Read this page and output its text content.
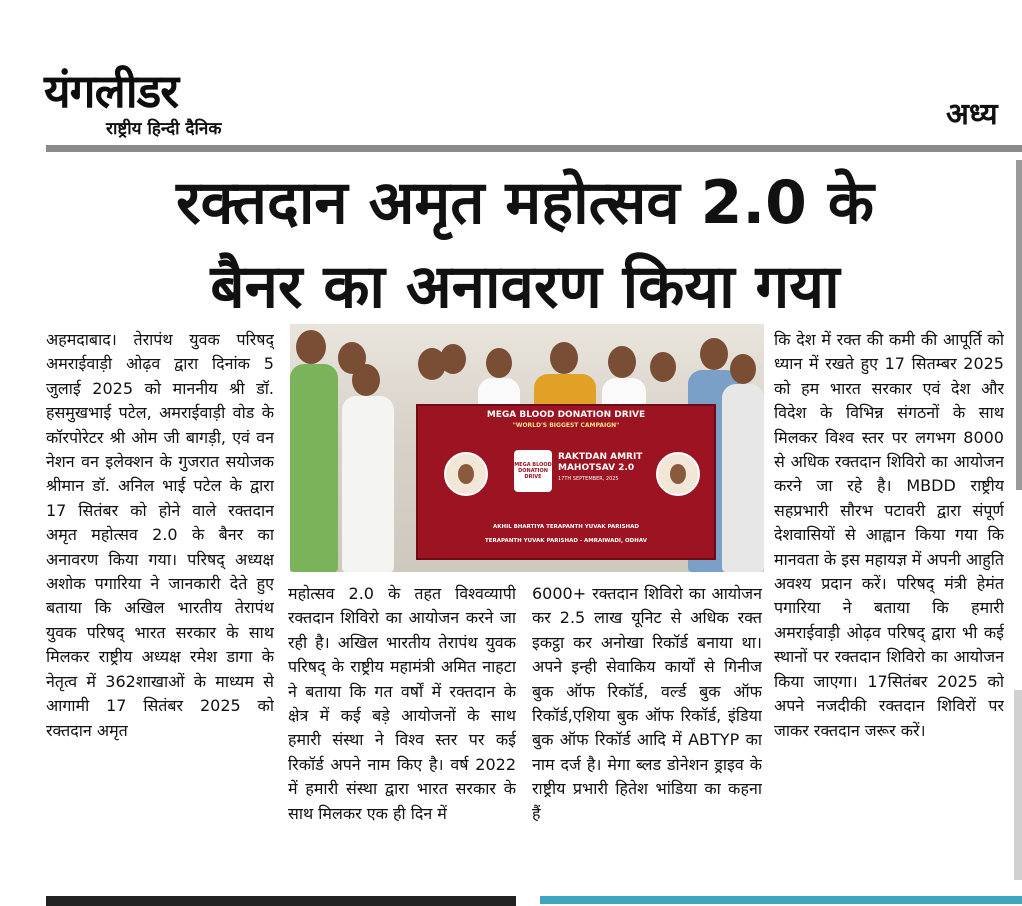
यंगलीडर
राष्ट्रीय हिन्दी दैनिक	अध्य
रक्तदान अमृत महोत्सव 2.0 के
बैनर का अनावरण किया गया
अहमदाबाद। तेरापंथ युवक परिषद् अमराईवाड़ी ओढ़व द्वारा दिनांक 5 जुलाई 2025 को माननीय श्री डॉ. हसमुखभाई पटेल, अमराईवाड़ी वोड के कॉरपोरेटर श्री ओम जी बागड़ी, एवं वन नेशन वन इलेक्शन के गुजरात सयोजक श्रीमान डॉ. अनिल भाई पटेल के द्वारा 17 सितंबर को होने वाले रक्तदान अमृत महोत्सव 2.0 के बैनर का अनावरण किया गया। परिषद् अध्यक्ष अशोक पगारिया ने जानकारी देते हुए बताया कि अखिल भारतीय तेरापंथ युवक परिषद् भारत सरकार के साथ मिलकर राष्ट्रीय अध्यक्ष रमेश डागा के नेतृत्व में 362शाखाओं के माध्यम से आगामी 17 सितंबर 2025 को रक्तदान अमृत
MEGA BLOOD DONATION DRIVE
"WORLD'S BIGGEST CAMPAIGN"
MEGA BLOOD DONATION DRIVE
RAKTDAN AMRIT MAHOTSAV 2.0
17TH SEPTEMBER, 2025
AKHIL BHARTIYA TERAPANTH YUVAK PARISHAD
TERAPANTH YUVAK PARISHAD - AMRAIWADI, ODHAV
महोत्सव 2.0 के तहत विश्वव्यापी रक्तदान शिविरो का आयोजन करने जा रही है। अखिल भारतीय तेरापंथ युवक परिषद् के राष्ट्रीय महामंत्री अमित नाहटा ने बताया कि गत वर्षों में रक्तदान के क्षेत्र में कई बड़े आयोजनों के साथ हमारी संस्था ने विश्व स्तर पर कई रिकॉर्ड अपने नाम किए है। वर्ष 2022 में हमारी संस्था द्वारा भारत सरकार के साथ मिलकर एक ही दिन में
6000+ रक्तदान शिविरो का आयोजन कर 2.5 लाख यूनिट से अधिक रक्त इकट्ठा कर अनोखा रिकॉर्ड बनाया था। अपने इन्ही सेवाकिय कार्यों से गिनीज बुक ऑफ रिकॉर्ड, वर्ल्ड बुक ऑफ रिकॉर्ड,एशिया बुक ऑफ रिकॉर्ड, इंडिया बुक ऑफ रिकॉर्ड आदि में ABTYP का नाम दर्ज है। मेगा ब्लड डोनेशन ड्राइव के राष्ट्रीय प्रभारी हितेश भांडिया का कहना हैं
कि देश में रक्त की कमी की आपूर्ति को ध्यान में रखते हुए 17 सितम्बर 2025 को हम भारत सरकार एवं देश और विदेश के विभिन्न संगठनों के साथ मिलकर विश्व स्तर पर लगभग 8000 से अधिक रक्तदान शिविरो का आयोजन करने जा रहे है। MBDD राष्ट्रीय सहप्रभारी सौरभ पटावरी द्वारा संपूर्ण देशवासियों से आह्वान किया गया कि मानवता के इस महायज्ञ में अपनी आहुति अवश्य प्रदान करें। परिषद् मंत्री हेमंत पगारिया ने बताया कि हमारी अमराईवाड़ी ओढ़व परिषद् द्वारा भी कई स्थानों पर रक्तदान शिविरो का आयोजन किया जाएगा। 17सितंबर 2025 को अपने नजदीकी रक्तदान शिविरों पर जाकर रक्तदान जरूर करें।
